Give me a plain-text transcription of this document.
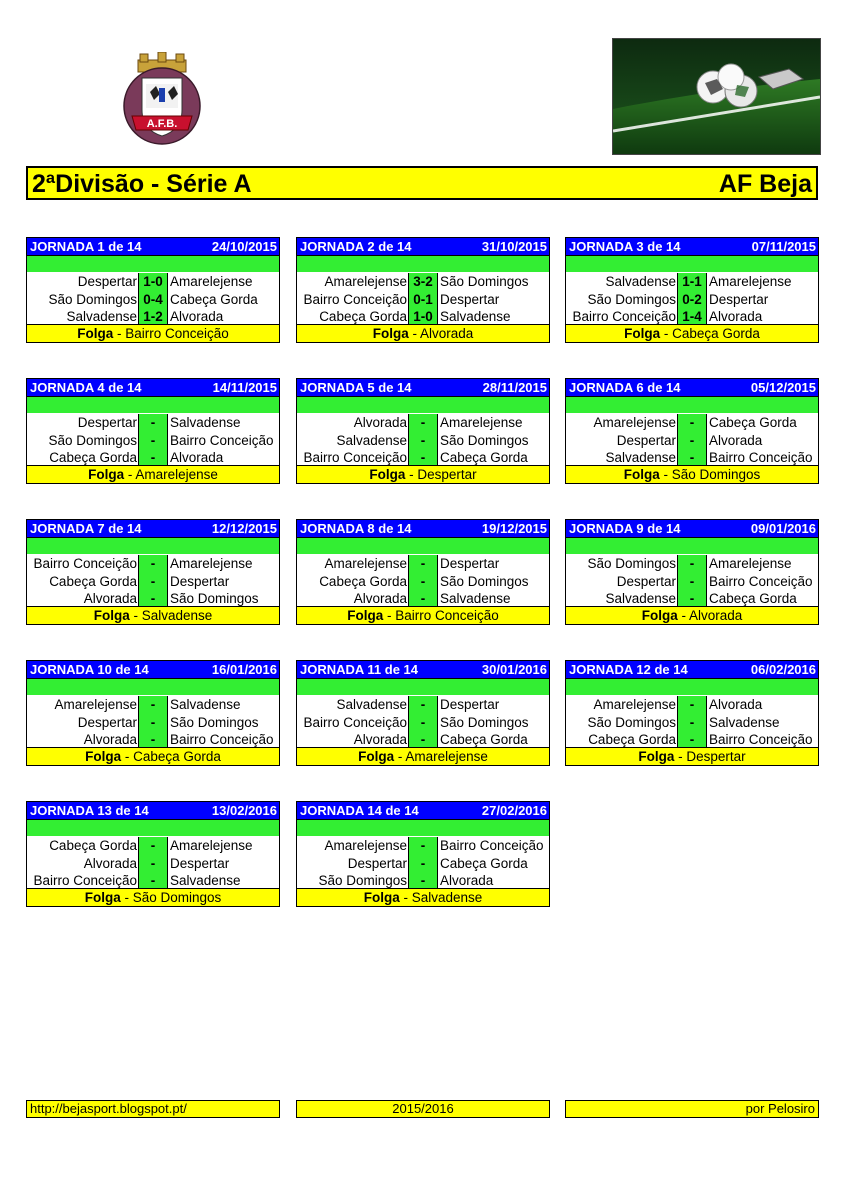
A.F.B.
2ªDivisão - Série A	AF Beja
JORNADA 1 de 14	24/10/2015
Despertar 1-0 Amarelejense
São Domingos 0-4 Cabeça Gorda
Salvadense 1-2 Alvorada
Folga - Bairro Conceição
JORNADA 2 de 14	31/10/2015
Amarelejense 3-2 São Domingos
Bairro Conceição 0-1 Despertar
Cabeça Gorda 1-0 Salvadense
Folga - Alvorada
JORNADA 3 de 14	07/11/2015
Salvadense 1-1 Amarelejense
São Domingos 0-2 Despertar
Bairro Conceição 1-4 Alvorada
Folga - Cabeça Gorda
JORNADA 4 de 14	14/11/2015
Despertar	-	Salvadense
São Domingos	-	Bairro Conceição
Cabeça Gorda	-	Alvorada
Folga - Amarelejense
JORNADA 5 de 14	28/11/2015
Alvorada	-	Amarelejense
Salvadense	-	São Domingos
Bairro Conceição	-	Cabeça Gorda
Folga - Despertar
JORNADA 6 de 14	05/12/2015
Amarelejense	-	Cabeça Gorda
Despertar	-	Alvorada
Salvadense	-	Bairro Conceição
Folga - São Domingos
JORNADA 7 de 14	12/12/2015
Bairro Conceição	-	Amarelejense
Cabeça Gorda	-	Despertar
Alvorada	-	São Domingos
Folga - Salvadense
JORNADA 8 de 14	19/12/2015
Amarelejense	-	Despertar
Cabeça Gorda	-	São Domingos
Alvorada	-	Salvadense
Folga - Bairro Conceição
JORNADA 9 de 14	09/01/2016
São Domingos	-	Amarelejense
Despertar	-	Bairro Conceição
Salvadense	-	Cabeça Gorda
Folga - Alvorada
JORNADA 10 de 14	16/01/2016
Amarelejense	-	Salvadense
Despertar	-	São Domingos
Alvorada	-	Bairro Conceição
Folga - Cabeça Gorda
JORNADA 11 de 14	30/01/2016
Salvadense	-	Despertar
Bairro Conceição	-	São Domingos
Alvorada	-	Cabeça Gorda
Folga - Amarelejense
JORNADA 12 de 14	06/02/2016
Amarelejense	-	Alvorada
São Domingos	-	Salvadense
Cabeça Gorda	-	Bairro Conceição
Folga - Despertar
JORNADA 13 de 14	13/02/2016
Cabeça Gorda	-	Amarelejense
Alvorada	-	Despertar
Bairro Conceição	-	Salvadense
Folga - São Domingos
JORNADA 14 de 14	27/02/2016
Amarelejense	-	Bairro Conceição
Despertar	-	Cabeça Gorda
São Domingos	-	Alvorada
Folga - Salvadense
http://bejasport.blogspot.pt/	2015/2016	por Pelosiro
